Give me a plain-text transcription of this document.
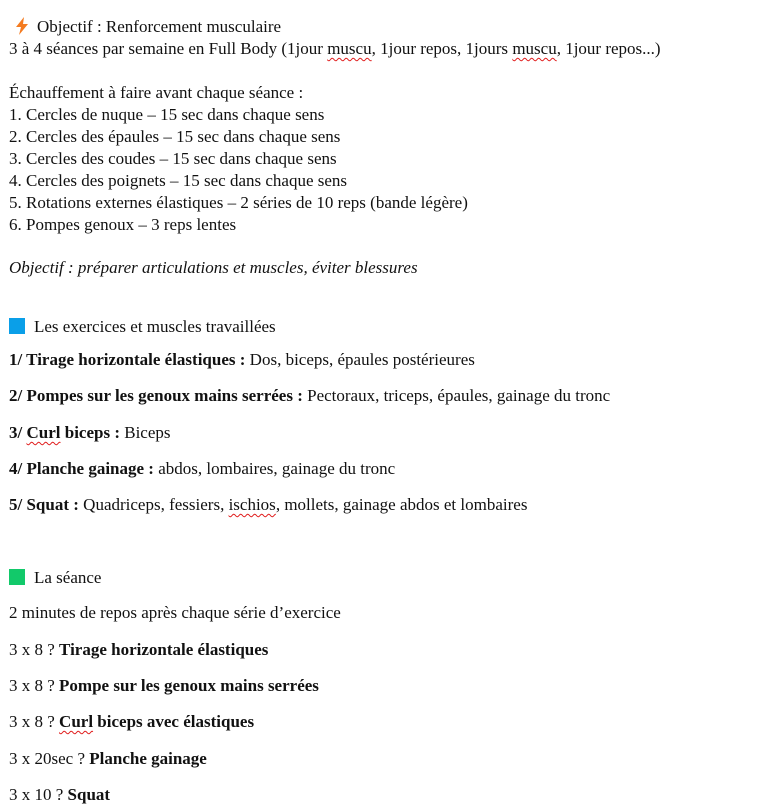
Objectif : Renforcement musculaire
3 à 4 séances par semaine en Full Body (1jour muscu, 1jour repos, 1jours muscu, 1jour repos...)
Échauffement à faire avant chaque séance :
1. Cercles de nuque – 15 sec dans chaque sens
2. Cercles des épaules – 15 sec dans chaque sens
3. Cercles des coudes – 15 sec dans chaque sens
4. Cercles des poignets – 15 sec dans chaque sens
5. Rotations externes élastiques – 2 séries de 10 reps (bande légère)
6. Pompes genoux – 3 reps lentes
Objectif : préparer articulations et muscles, éviter blessures
Les exercices et muscles travaillées
1/ Tirage horizontale élastiques : Dos, biceps, épaules postérieures
2/ Pompes sur les genoux mains serrées : Pectoraux, triceps, épaules, gainage du tronc
3/ Curl biceps : Biceps
4/ Planche gainage : abdos, lombaires, gainage du tronc
5/ Squat : Quadriceps, fessiers, ischios, mollets, gainage abdos et lombaires
La séance
2 minutes de repos après chaque série d’exercice
3 x 8 ? Tirage horizontale élastiques
3 x 8 ? Pompe sur les genoux mains serrées
3 x 8 ? Curl biceps avec élastiques
3 x 20sec ? Planche gainage
3 x 10 ? Squat
